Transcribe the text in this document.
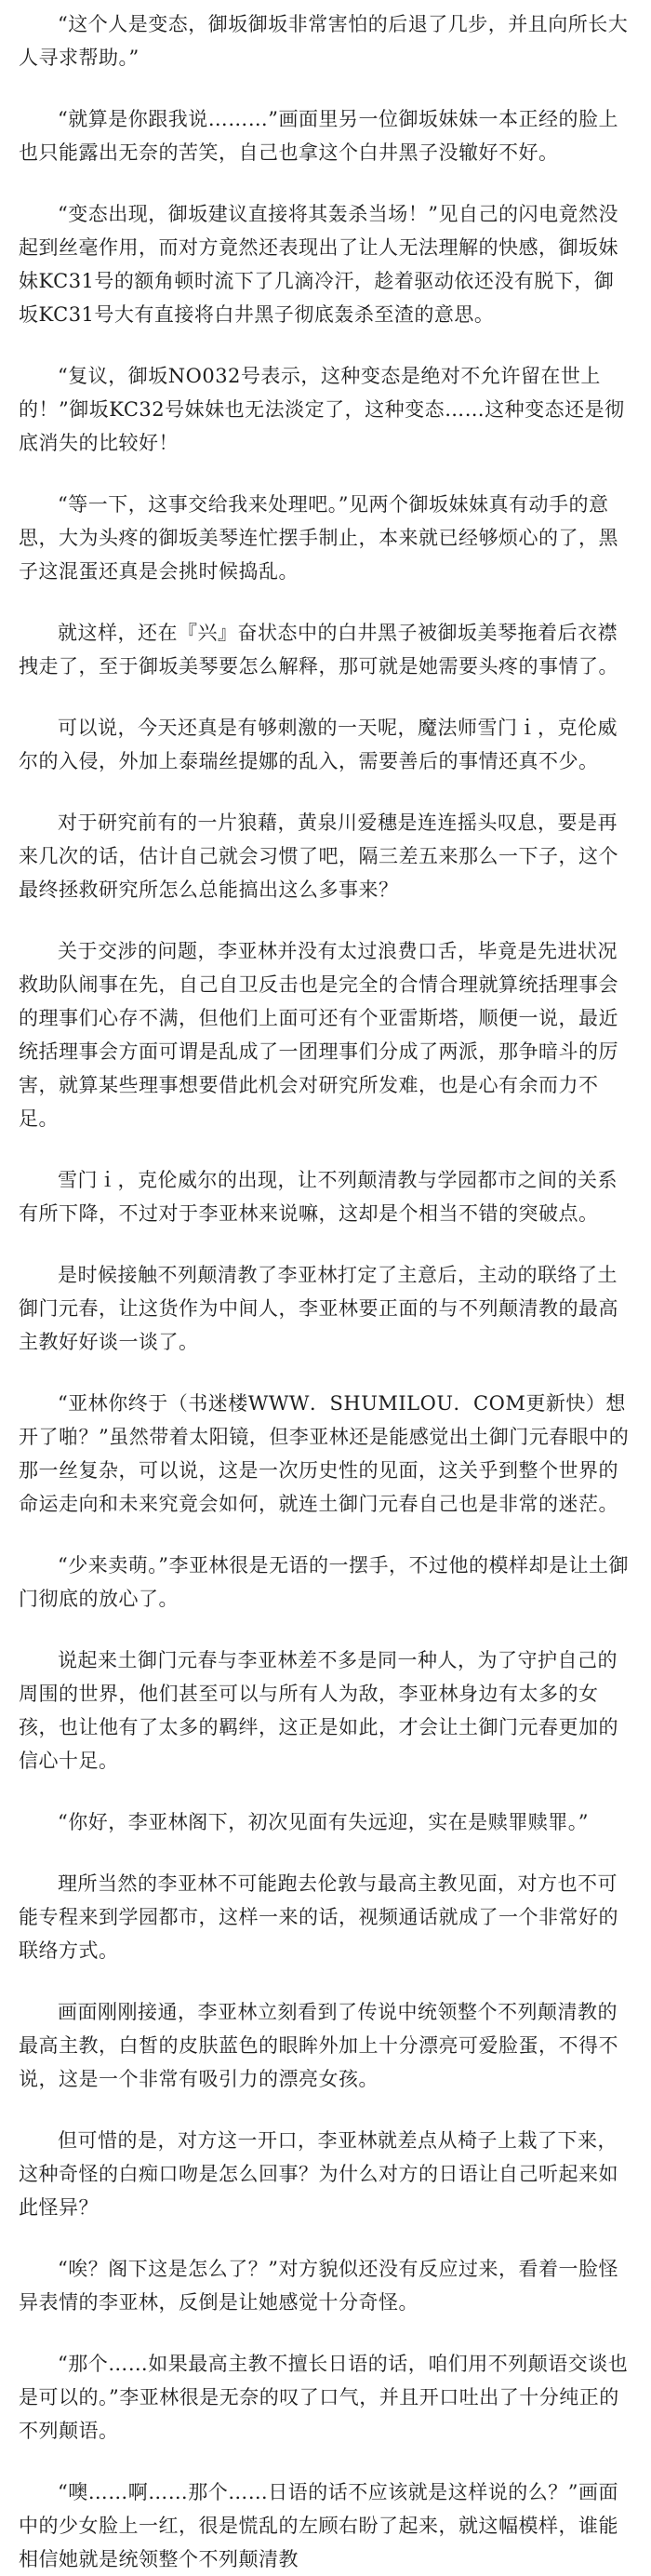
“这个人是变态，御坂御坂非常害怕的后退了几步，并且向所长大人寻求帮助。”

“就算是你跟我说………”画面里另一位御坂妹妹一本正经的脸上也只能露出无奈的苦笑，自己也拿这个白井黑子没辙好不好。

“变态出现，御坂建议直接将其轰杀当场！”见自己的闪电竟然没起到丝毫作用，而对方竟然还表现出了让人无法理解的快感，御坂妹妹KC31号的额角顿时流下了几滴冷汗，趁着驱动依还没有脱下，御坂KC31号大有直接将白井黑子彻底轰杀至渣的意思。

“复议，御坂NO032号表示，这种变态是绝对不允许留在世上的！”御坂KC32号妹妹也无法淡定了，这种变态……这种变态还是彻底消失的比较好！

“等一下，这事交给我来处理吧。”见两个御坂妹妹真有动手的意思，大为头疼的御坂美琴连忙摆手制止，本来就已经够烦心的了，黑子这混蛋还真是会挑时候捣乱。

就这样，还在『兴』奋状态中的白井黑子被御坂美琴拖着后衣襟拽走了，至于御坂美琴要怎么解释，那可就是她需要头疼的事情了。

可以说，今天还真是有够刺激的一天呢，魔法师雪门ｉ，克伦威尔的入侵，外加上泰瑞丝提娜的乱入，需要善后的事情还真不少。

对于研究前有的一片狼藉，黄泉川爱穗是连连摇头叹息，要是再来几次的话，估计自己就会习惯了吧，隔三差五来那么一下子，这个最终拯救研究所怎么总能搞出这么多事来？

关于交涉的问题，李亚林并没有太过浪费口舌，毕竟是先进状况救助队闹事在先，自己自卫反击也是完全的合情合理就算统括理事会的理事们心存不满，但他们上面可还有个亚雷斯塔，顺便一说，最近统括理事会方面可谓是乱成了一团理事们分成了两派，那争暗斗的厉害，就算某些理事想要借此机会对研究所发难，也是心有余而力不足。

雪门ｉ，克伦威尔的出现，让不列颠清教与学园都市之间的关系有所下降，不过对于李亚林来说嘛，这却是个相当不错的突破点。

是时候接触不列颠清教了李亚林打定了主意后，主动的联络了土御门元春，让这货作为中间人，李亚林要正面的与不列颠清教的最高主教好好谈一谈了。

“亚林你终于（书迷楼WWW．SHUMILOU．COM更新快）想开了啪？”虽然带着太阳镜，但李亚林还是能感觉出土御门元春眼中的那一丝复杂，可以说，这是一次历史性的见面，这关乎到整个世界的命运走向和未来究竟会如何，就连土御门元春自己也是非常的迷茫。

“少来卖萌。”李亚林很是无语的一摆手，不过他的模样却是让土御门彻底的放心了。

说起来土御门元春与李亚林差不多是同一种人，为了守护自己的周围的世界，他们甚至可以与所有人为敌，李亚林身边有太多的女孩，也让他有了太多的羁绊，这正是如此，才会让土御门元春更加的信心十足。

“你好，李亚林阁下，初次见面有失远迎，实在是赎罪赎罪。”

理所当然的李亚林不可能跑去伦敦与最高主教见面，对方也不可能专程来到学园都市，这样一来的话，视频通话就成了一个非常好的联络方式。

画面刚刚接通，李亚林立刻看到了传说中统领整个不列颠清教的最高主教，白皙的皮肤蓝色的眼眸外加上十分漂亮可爱脸蛋，不得不说，这是一个非常有吸引力的漂亮女孩。

但可惜的是，对方这一开口，李亚林就差点从椅子上栽了下来，这种奇怪的白痴口吻是怎么回事？为什么对方的日语让自己听起来如此怪异？

“唉？阁下这是怎么了？”对方貌似还没有反应过来，看着一脸怪异表情的李亚林，反倒是让她感觉十分奇怪。

“那个……如果最高主教不擅长日语的话，咱们用不列颠语交谈也是可以的。”李亚林很是无奈的叹了口气，并且开口吐出了十分纯正的不列颠语。

“噢……啊……那个……日语的话不应该就是这样说的么？”画面中的少女脸上一红，很是慌乱的左顾右盼了起来，就这幅模样，谁能相信她就是统领整个不列颠清教
